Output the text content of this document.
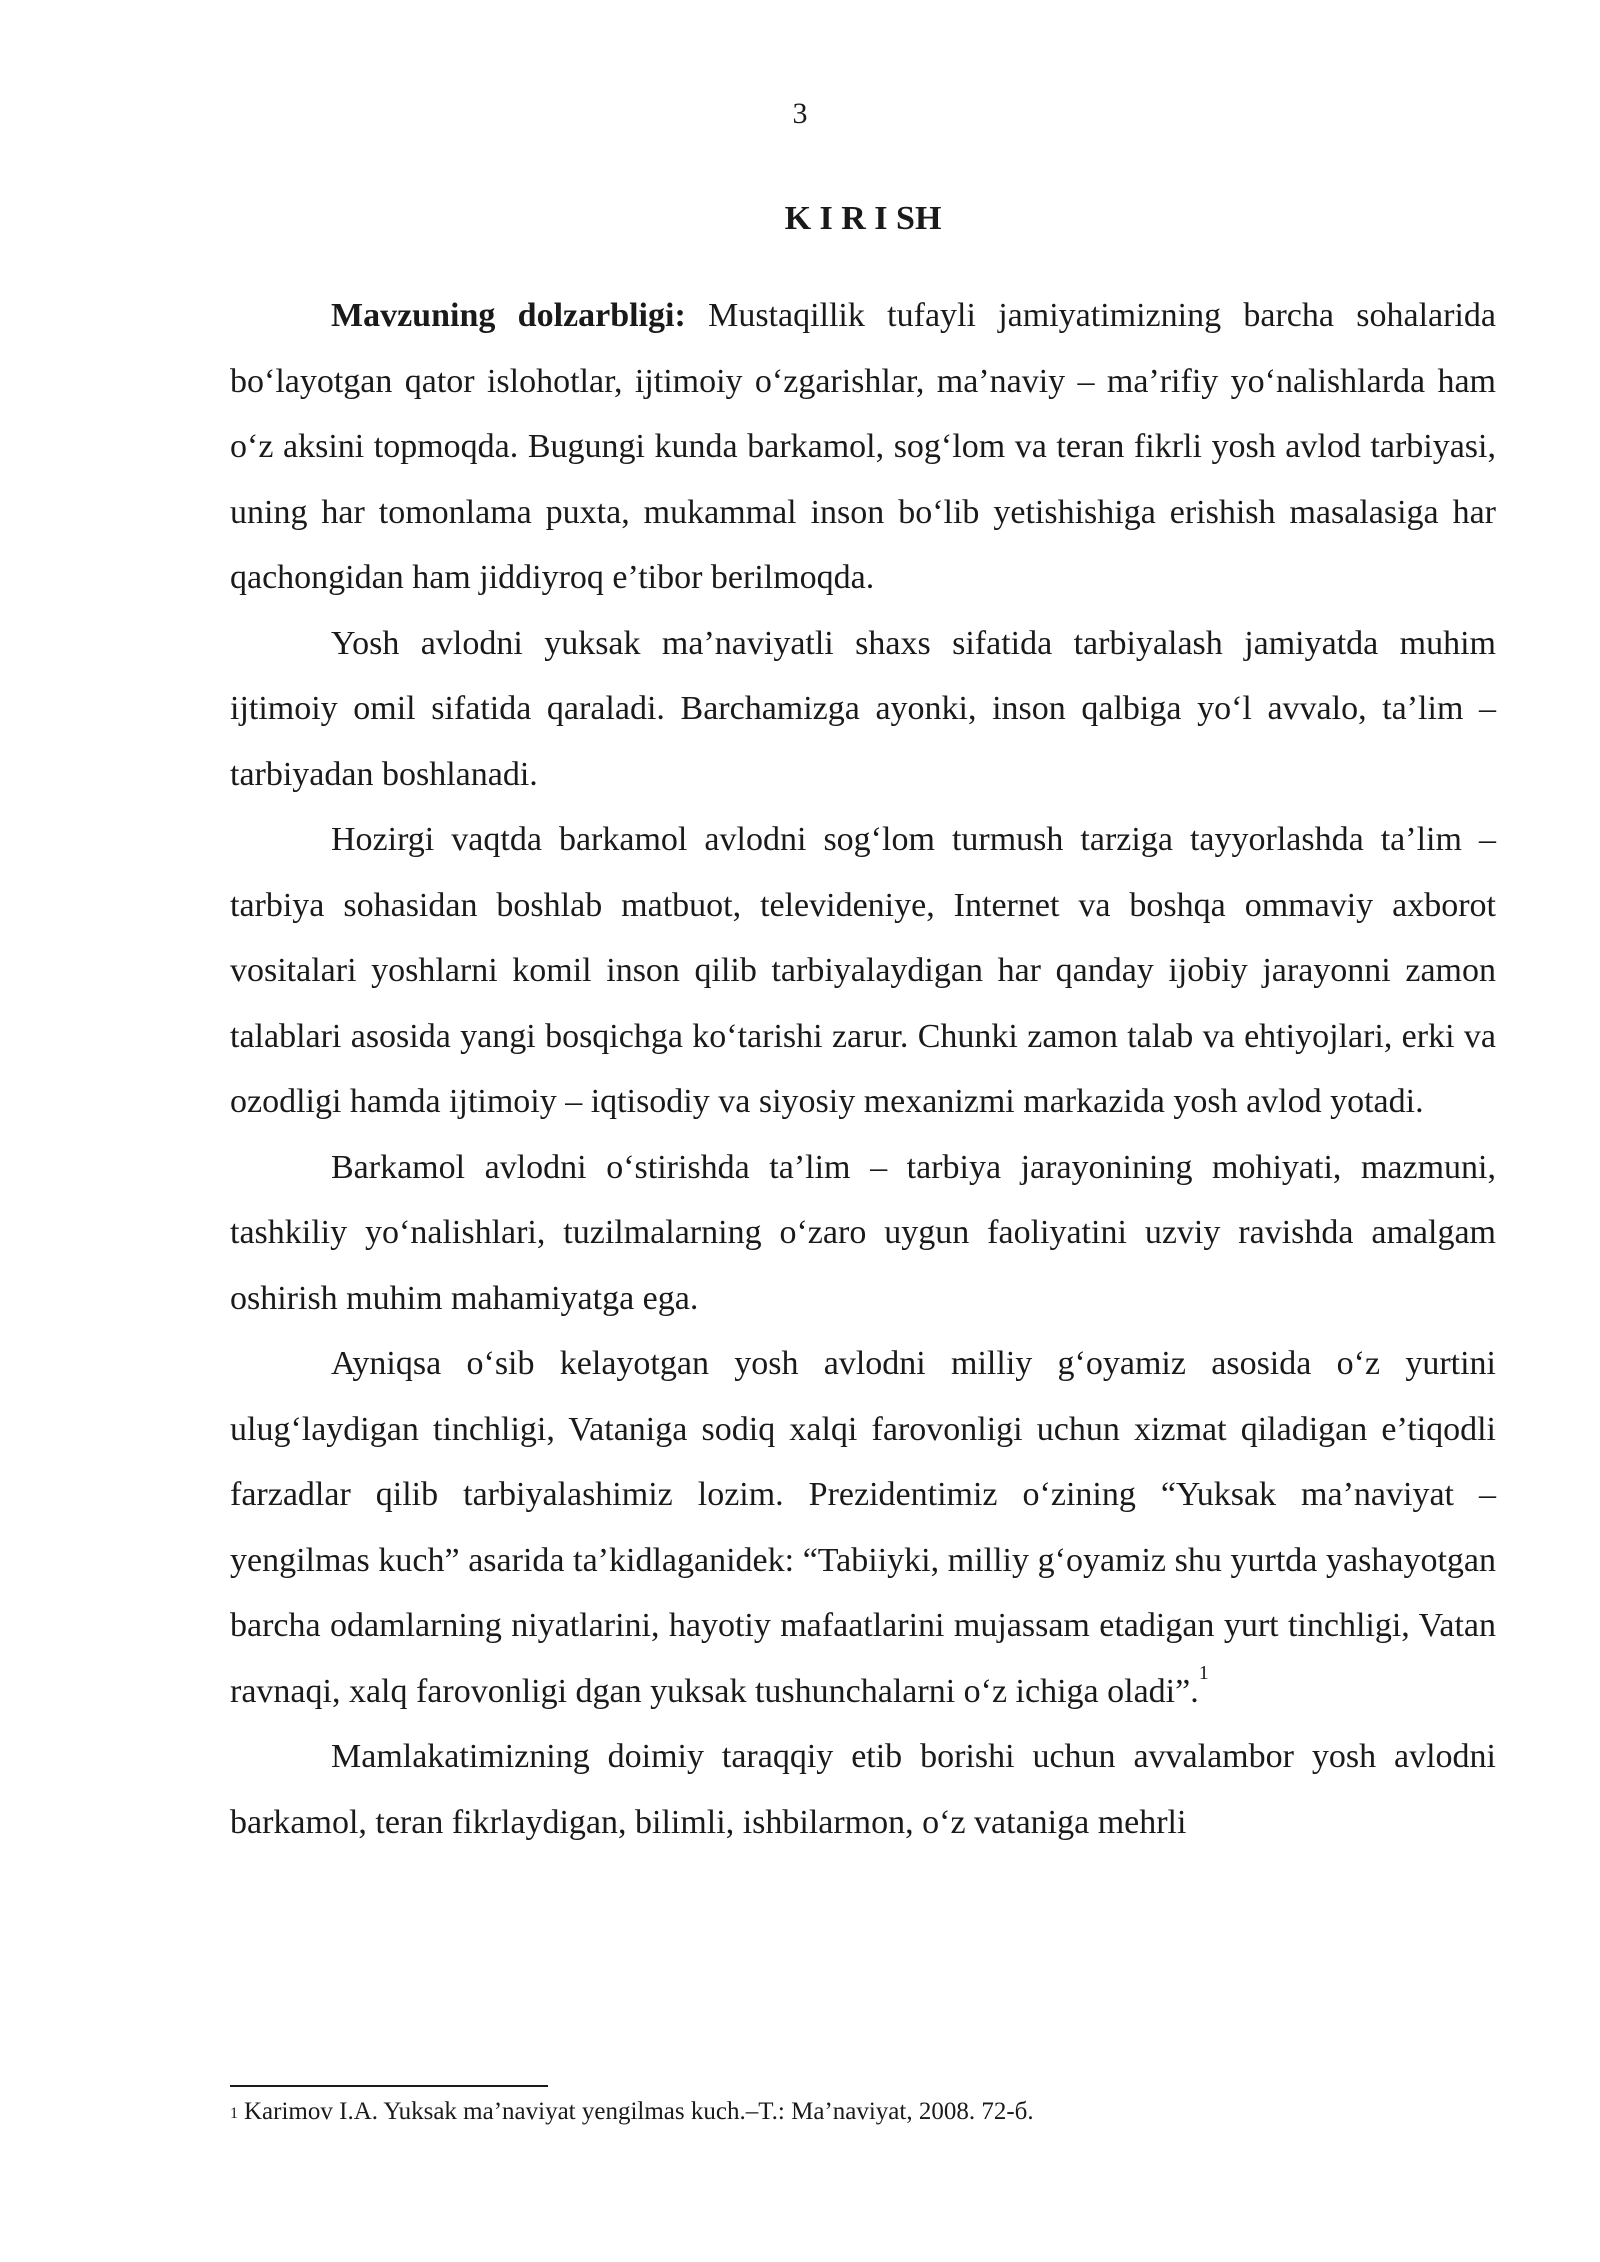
3
K I R I SH

Mavzuning dolzarbligi: Mustaqillik tufayli jamiyatimizning barcha sohalarida bo‘layotgan qator islohotlar, ijtimoiy o‘zgarishlar, ma’naviy – ma’rifiy yo‘nalishlarda ham o‘z aksini topmoqda. Bugungi kunda barkamol, sog‘lom va teran fikrli yosh avlod tarbiyasi, uning har tomonlama puxta, mukammal inson bo‘lib yetishishiga erishish masalasiga har qachongidan ham jiddiyroq e’tibor berilmoqda.

Yosh avlodni yuksak ma’naviyatli shaxs sifatida tarbiyalash jamiyatda muhim ijtimoiy omil sifatida qaraladi. Barchamizga ayonki, inson qalbiga yo‘l avvalo, ta’lim – tarbiyadan boshlanadi.

Hozirgi vaqtda barkamol avlodni sog‘lom turmush tarziga tayyorlashda ta’lim – tarbiya sohasidan boshlab matbuot, televideniye, Internet va boshqa ommaviy axborot vositalari yoshlarni komil inson qilib tarbiyalaydigan har qanday ijobiy jarayonni zamon talablari asosida yangi bosqichga ko‘tarishi zarur. Chunki zamon talab va ehtiyojlari, erki va ozodligi hamda ijtimoiy – iqtisodiy va siyosiy mexanizmi markazida yosh avlod yotadi.

Barkamol avlodni o‘stirishda ta’lim – tarbiya jarayonining mohiyati, mazmuni, tashkiliy yo‘nalishlari, tuzilmalarning o‘zaro uygun faoliyatini uzviy ravishda amalgam oshirish muhim mahamiyatga ega.

Ayniqsa o‘sib kelayotgan yosh avlodni milliy g‘oyamiz asosida o‘z yurtini ulug‘laydigan tinchligi, Vataniga sodiq xalqi farovonligi uchun xizmat qiladigan e’tiqodli farzadlar qilib tarbiyalashimiz lozim. Prezidentimiz o‘zining “Yuksak ma’naviyat – yengilmas kuch” asarida ta’kidlaganidek: “Tabiiyki, milliy g‘oyamiz shu yurtda yashayotgan barcha odamlarning niyatlarini, hayotiy mafaatlarini mujassam etadigan yurt tinchligi, Vatan ravnaqi, xalq farovonligi dgan yuksak tushunchalarni o‘z ichiga oladi”.$^1$

Mamlakatimizning doimiy taraqqiy etib borishi uchun avvalambor yosh avlodni barkamol, teran fikrlaydigan, bilimli, ishbilarmon, o‘z vataniga mehrli

$^1$ Karimov I.A. Yuksak ma’naviyat yengilmas kuch.–T.: Ma’naviyat, 2008. 72-б.
